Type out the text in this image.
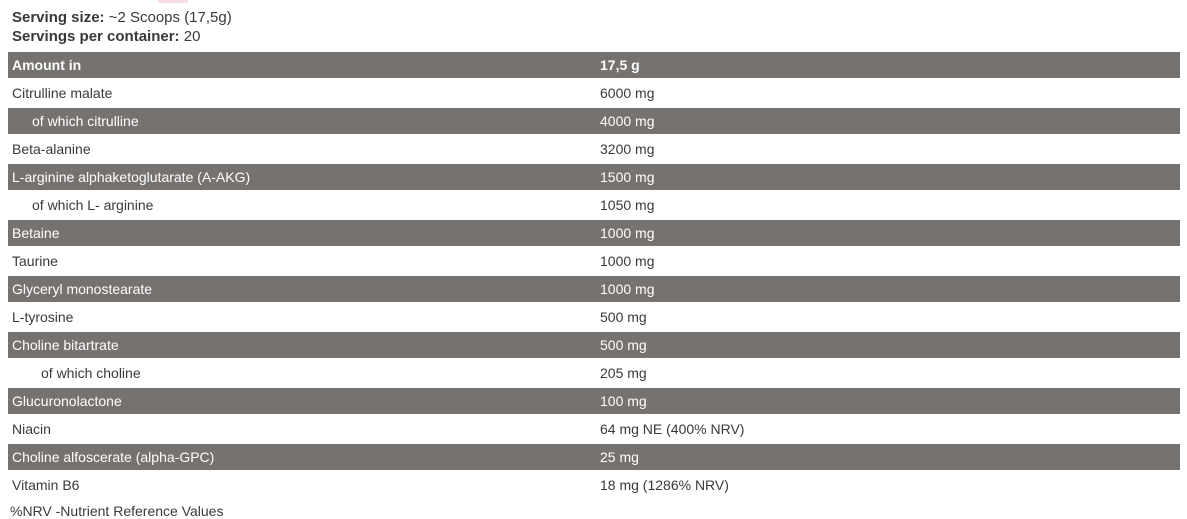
Serving size: ~2 Scoops (17,5g)
Servings per container: 20
Amount in	17,5 g
Citrulline malate	6000 mg
of which citrulline	4000 mg
Beta-alanine	3200 mg
L-arginine alphaketoglutarate (A-AKG)	1500 mg
of which L- arginine	1050 mg
Betaine	1000 mg
Taurine	1000 mg
Glyceryl monostearate	1000 mg
L-tyrosine	500 mg
Choline bitartrate	500 mg
of which choline	205 mg
Glucuronolactone	100 mg
Niacin	64 mg NE (400% NRV)
Choline alfoscerate (alpha-GPC)	25 mg
Vitamin B6	18 mg (1286% NRV)
%NRV -Nutrient Reference Values
